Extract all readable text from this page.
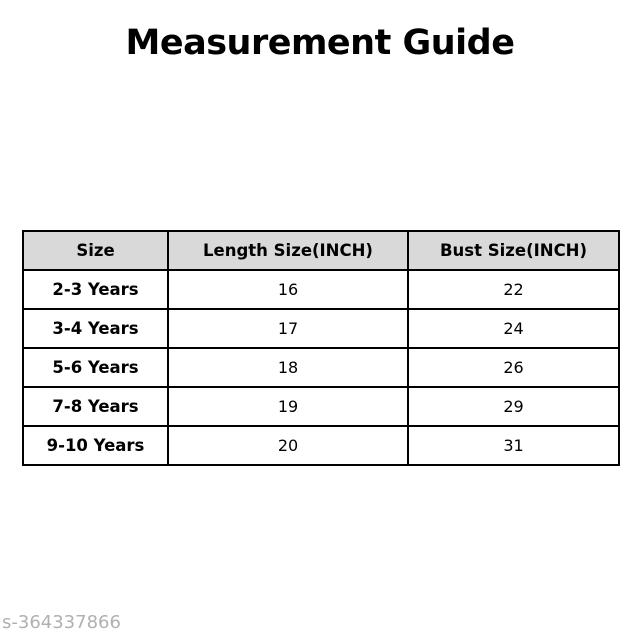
Measurement Guide
Size	Length Size(INCH)	Bust Size(INCH)
2-3 Years	16	22
3-4 Years	17	24
5-6 Years	18	26
7-8 Years	19	29
9-10 Years	20	31
s-364337866
